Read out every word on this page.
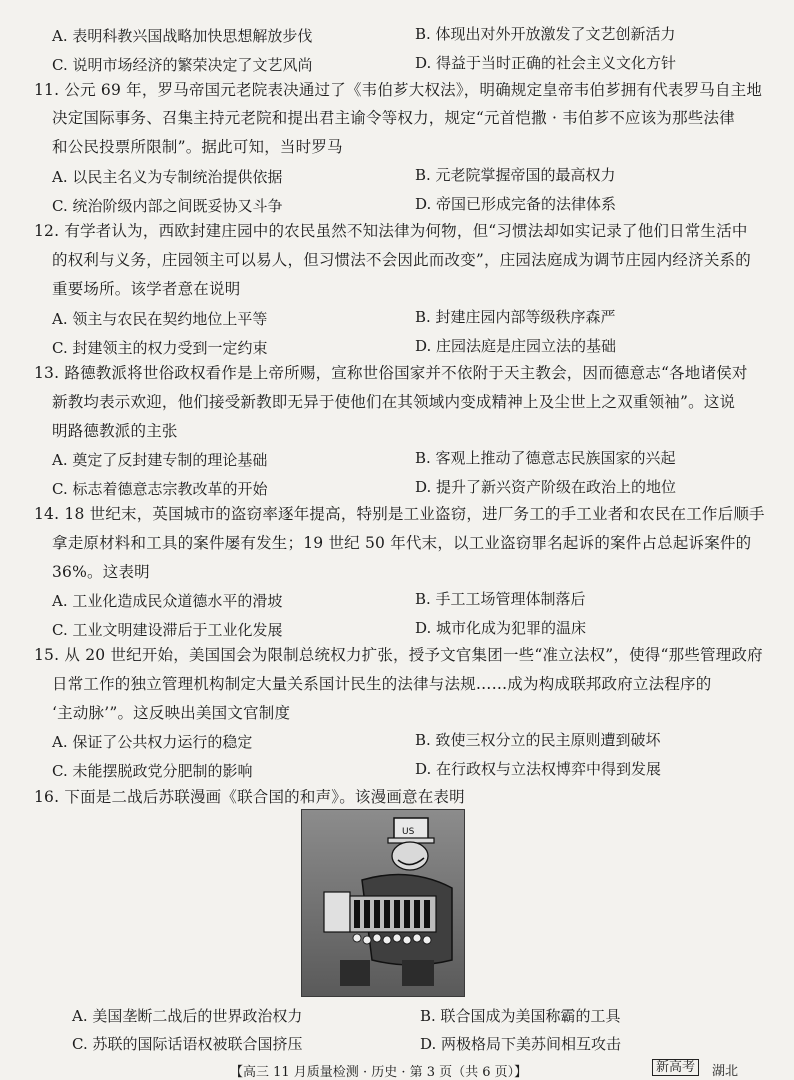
A. 表明科教兴国战略加快思想解放步伐	B. 体现出对外开放激发了文艺创新活力
C. 说明市场经济的繁荣决定了文艺风尚	D. 得益于当时正确的社会主义文化方针
11. 公元 69 年，罗马帝国元老院表决通过了《韦伯芗大权法》，明确规定皇帝韦伯芗拥有代表罗马自主地
决定国际事务、召集主持元老院和提出君主谕令等权力，规定“元首恺撒 · 韦伯芗不应该为那些法律
和公民投票所限制”。据此可知，当时罗马
A. 以民主名义为专制统治提供依据	B. 元老院掌握帝国的最高权力
C. 统治阶级内部之间既妥协又斗争	D. 帝国已形成完备的法律体系
12. 有学者认为，西欧封建庄园中的农民虽然不知法律为何物，但“习惯法却如实记录了他们日常生活中
的权利与义务，庄园领主可以易人，但习惯法不会因此而改变”，庄园法庭成为调节庄园内经济关系的
重要场所。该学者意在说明
A. 领主与农民在契约地位上平等	B. 封建庄园内部等级秩序森严
C. 封建领主的权力受到一定约束	D. 庄园法庭是庄园立法的基础
13. 路德教派将世俗政权看作是上帝所赐，宣称世俗国家并不依附于天主教会，因而德意志“各地诸侯对
新教均表示欢迎，他们接受新教即无异于使他们在其领域内变成精神上及尘世上之双重领袖”。这说
明路德教派的主张
A. 奠定了反封建专制的理论基础	B. 客观上推动了德意志民族国家的兴起
C. 标志着德意志宗教改革的开始	D. 提升了新兴资产阶级在政治上的地位
14. 18 世纪末，英国城市的盗窃率逐年提高，特别是工业盗窃，进厂务工的手工业者和农民在工作后顺手
拿走原材料和工具的案件屡有发生；19 世纪 50 年代末，以工业盗窃罪名起诉的案件占总起诉案件的
36%。这表明
A. 工业化造成民众道德水平的滑坡	B. 手工工场管理体制落后
C. 工业文明建设滞后于工业化发展	D. 城市化成为犯罪的温床
15. 从 20 世纪开始，美国国会为限制总统权力扩张，授予文官集团一些“准立法权”，使得“那些管理政府
日常工作的独立管理机构制定大量关系国计民生的法律与法规……成为构成联邦政府立法程序的
‘主动脉’”。这反映出美国文官制度
A. 保证了公共权力运行的稳定	B. 致使三权分立的民主原则遭到破坏
C. 未能摆脱政党分肥制的影响	D. 在行政权与立法权博弈中得到发展
16. 下面是二战后苏联漫画《联合国的和声》。该漫画意在表明
US
A. 美国垄断二战后的世界政治权力	B. 联合国成为美国称霸的工具
C. 苏联的国际话语权被联合国挤压	D. 两极格局下美苏间相互攻击
【高三 11 月质量检测 · 历史 · 第 3 页（共 6 页）】	新高考	湖北
